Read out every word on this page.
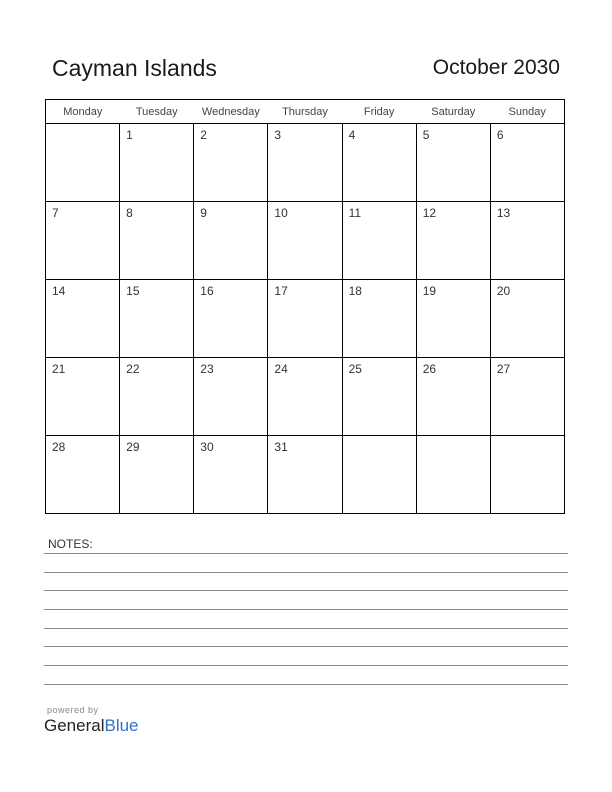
Cayman Islands	October 2030
Monday	Tuesday	Wednesday	Thursday	Friday	Saturday	Sunday

	1	2	3	4	5	6

7	8	9	10	11	12	13

14	15	16	17	18	19	20

21	22	23	24	25	26	27

28	29	30	31			

NOTES:
powered by
GeneralBlue
